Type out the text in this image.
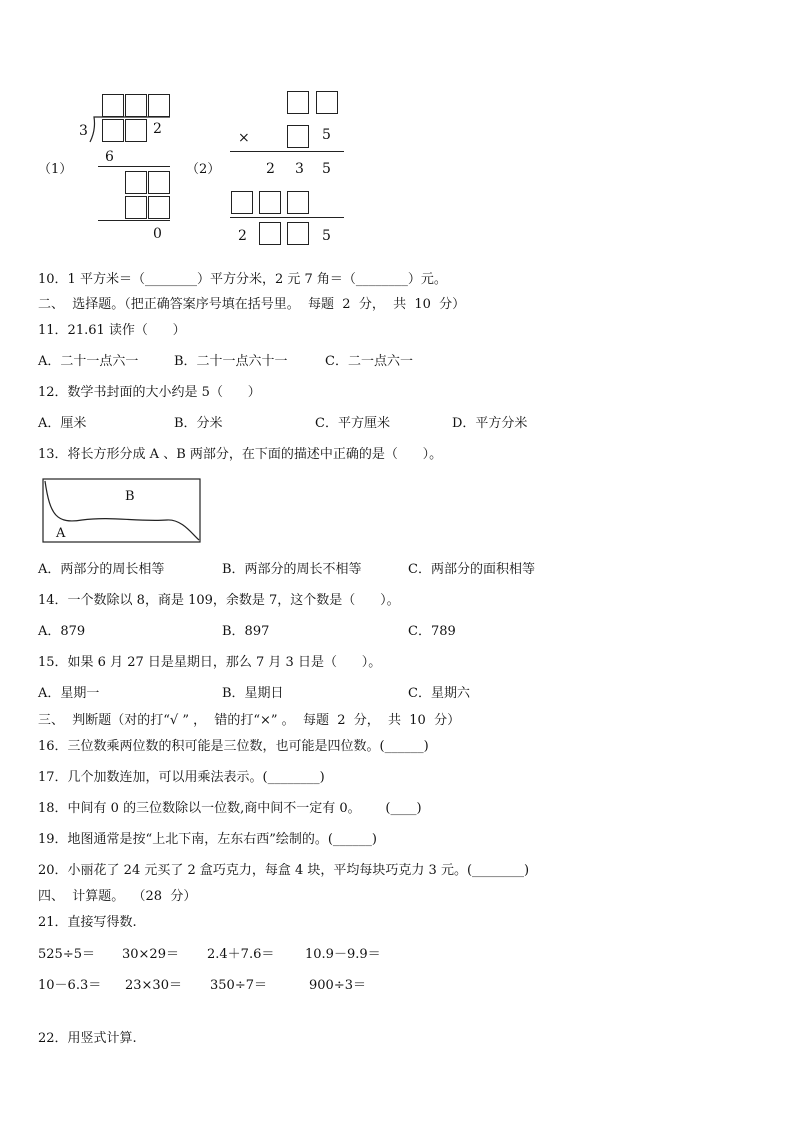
（1）
3	2
6
0
（2）
×	5
2 3 5
2	5
10．1 平方米＝（________）平方分米，2 元 7 角＝（________）元。
二、  选择题。（把正确答案序号填在括号里。  每题  2  分，  共  10  分）
11．21.61 读作（      ）
A．二十一点六一	B．二十一点六十一	C．二一点六一
12．数学书封面的大小约是 5（      ）
A．厘米	B．分米	C．平方厘米	D．平方分米
13．将长方形分成 A 、B 两部分，在下面的描述中正确的是（      ）。
B
A
A．两部分的周长相等	B．两部分的周长不相等	C．两部分的面积相等
14．一个数除以 8，商是 109，余数是 7，这个数是（      ）。
A．879	B．897	C．789
15．如果 6 月 27 日是星期日，那么 7 月 3 日是（      ）。
A．星期一	B．星期日	C．星期六
三、  判断题（对的打“√ ” ，  错的打“×” 。  每题  2  分，  共  10  分）
16．三位数乘两位数的积可能是三位数，也可能是四位数。(______)
17．几个加数连加，可以用乘法表示。(________)
18．中间有 0 的三位数除以一位数,商中间不一定有 0。      (____)
19．地图通常是按“上北下南，左东右西”绘制的。(______)
20．小丽花了 24 元买了 2 盒巧克力，每盒 4 块，平均每块巧克力 3 元。(________)
四、  计算题。  （28  分）
21．直接写得数.
525÷5＝ 30×29＝ 2.4＋7.6＝ 10.9－9.9＝
10－6.3＝ 23×30＝ 350÷7＝	900÷3＝
22．用竖式计算.
